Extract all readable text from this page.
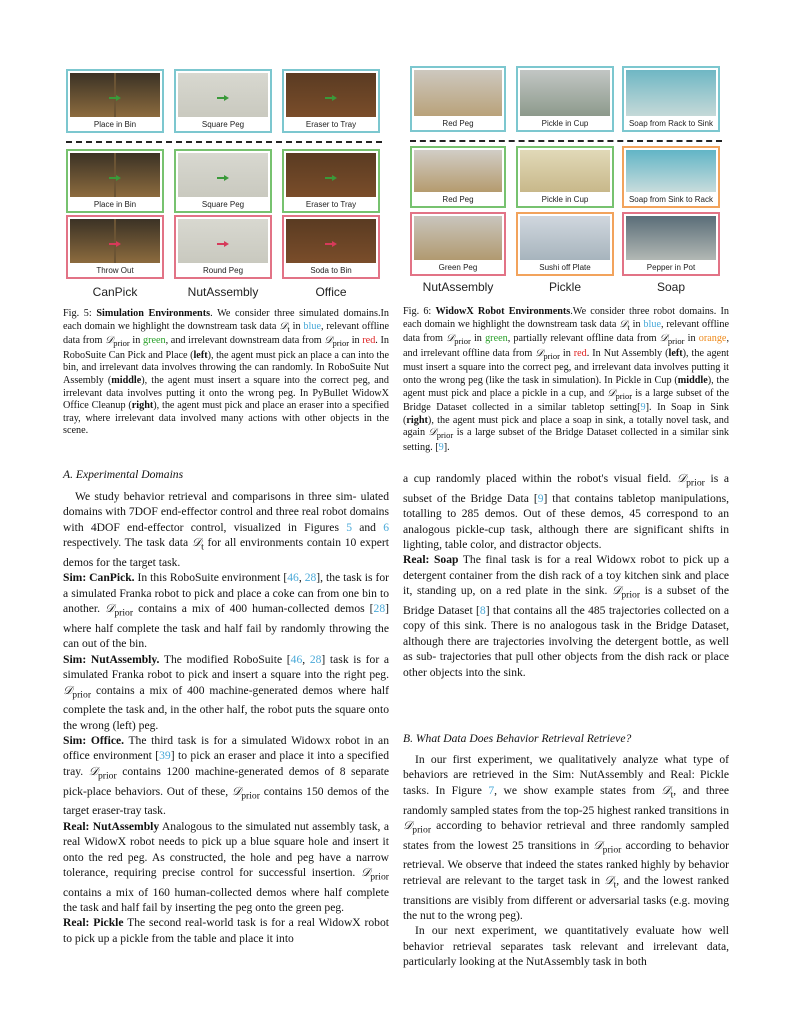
Place in Bin	Square Peg	Eraser to Tray
Place in Bin	Square Peg	Eraser to Tray
Throw Out	Round Peg	Soda to Bin
CanPick	NutAssembly	Office
Red Peg	Pickle in Cup	Soap from Rack to Sink
Red Peg	Pickle in Cup	Soap from Sink to Rack
Green Peg	Sushi off Plate	Pepper in Pot
NutAssembly	Pickle	Soap
Fig. 5: Simulation Environments. We consider three simulated domains.In each domain we highlight the downstream task data 𝒟$_t$ in blue, relevant offline data from 𝒟$_{prior}$ in green, and irrelevant downstream data from 𝒟$_{prior}$ in red. In RoboSuite Can Pick and Place (left), the agent must pick an place a can into the bin, and irrelevant data involves throwing the can randomly. In RoboSuite Nut Assembly (middle), the agent must insert a square into the correct peg, and irrelevant data involves putting it onto the wrong peg. In PyBullet WidowX Office Cleanup (right), the agent must pick and place an eraser into a specified tray, where irrelevant data involved many actions with other objects in the scene.
Fig. 6: WidowX Robot Environments.We consider three robot domains. In each domain we highlight the downstream task data 𝒟$_t$ in blue, relevant offline data from 𝒟$_{prior}$ in green, partially relevant offline data from 𝒟$_{prior}$ in orange, and irrelevant offline data from 𝒟$_{prior}$ in red. In Nut Assembly (left), the agent must insert a square into the correct peg, and irrelevant data involves putting it onto the wrong peg (like the task in simulation). In Pickle in Cup (middle), the agent must pick and place a pickle in a cup, and 𝒟$_{prior}$ is a large subset of the Bridge Dataset collected in a similar tabletop setting[9]. In Soap in Sink (right), the agent must pick and place a soap in sink, a totally novel task, and again 𝒟$_{prior}$ is a large subset of the Bridge Dataset collected in a similar sink setting. [9].
A. Experimental Domains

We study behavior retrieval and comparisons in three sim- ulated domains with 7DOF end-effector control and three real robot domains with 4DOF end-effector control, visualized in Figures 5 and 6 respectively. The task data 𝒟$_t$ for all environments contain 10 expert demos for the target task.

Sim: CanPick. In this RoboSuite environment [46, 28], the task is for a simulated Franka robot to pick and place a coke can from one bin to another. 𝒟$_{prior}$ contains a mix of 400 human-collected demos [28] where half complete the task and half fail by randomly throwing the can out of the bin.

Sim: NutAssembly. The modified RoboSuite [46, 28] task is for a simulated Franka robot to pick and insert a square into the right peg. 𝒟$_{prior}$ contains a mix of 400 machine-generated demos where half complete the task and, in the other half, the robot puts the square onto the wrong (left) peg.

Sim: Office. The third task is for a simulated Widowx robot in an office environment [39] to pick an eraser and place it into a specified tray. 𝒟$_{prior}$ contains 1200 machine-generated demos of 8 separate pick-place behaviors. Out of these, 𝒟$_{prior}$ contains 150 demos of the target eraser-tray task.

Real: NutAssembly Analogous to the simulated nut assembly task, a real WidowX robot needs to pick up a blue square hole and insert it onto the red peg. As constructed, the hole and peg have a narrow tolerance, requiring precise control for successful insertion. 𝒟$_{prior}$ contains a mix of 160 human-collected demos where half complete the task and half fail by inserting the peg onto the green peg.

Real: Pickle The second real-world task is for a real WidowX robot to pick up a pickle from the table and place it into

a cup randomly placed within the robot's visual field. 𝒟$_{prior}$ is a subset of the Bridge Data [9] that contains tabletop manipulations, totalling to 285 demos. Out of these demos, 45 correspond to an analogous pickle-cup task, although there are significant shifts in lighting, table color, and distractor objects.

Real: Soap The final task is for a real Widowx robot to pick up a detergent container from the dish rack of a toy kitchen sink and place it, standing up, on a red plate in the sink. 𝒟$_{prior}$ is a subset of the Bridge Dataset [8] that contains all the 485 trajectories collected on a copy of this sink. There is no analogous task in the Bridge Dataset, although there are trajectories involving the detergent bottle, as well as sub- trajectories that pull other objects from the dish rack or place other objects into the sink.

B. What Data Does Behavior Retrieval Retrieve?

In our first experiment, we qualitatively analyze what type of behaviors are retrieved in the Sim: NutAssembly and Real: Pickle tasks. In Figure 7, we show example states from 𝒟$_t$, and three randomly sampled states from the top-25 highest ranked transitions in 𝒟$_{prior}$ according to behavior retrieval and three randomly sampled states from the lowest 25 transitions in 𝒟$_{prior}$ according to behavior retrieval. We observe that indeed the states ranked highly by behavior retrieval are relevant to the target task in 𝒟$_t$, and the lowest ranked transitions are visibly from different or adversarial tasks (e.g. moving the nut to the wrong peg).

In our next experiment, we quantitatively evaluate how well behavior retrieval separates task relevant and irrelevant data, particularly looking at the NutAssembly task in both
